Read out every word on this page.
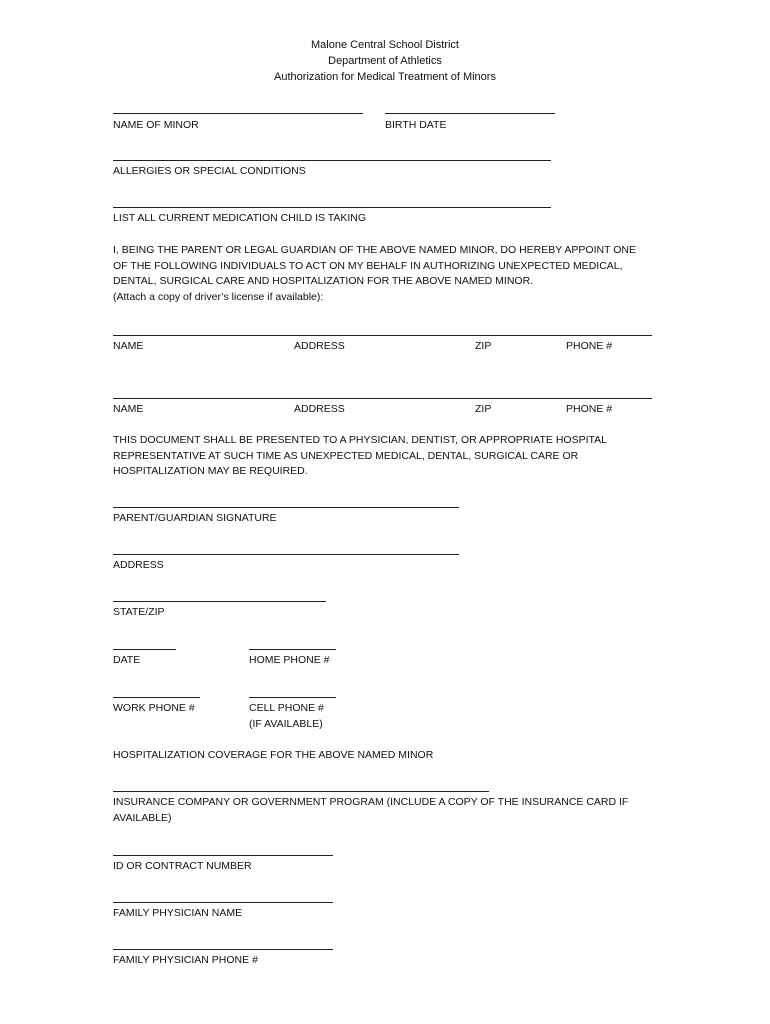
Malone Central School District
Department of Athletics
Authorization for Medical Treatment of Minors
NAME OF MINOR	BIRTH DATE
ALLERGIES OR SPECIAL CONDITIONS
LIST ALL CURRENT MEDICATION CHILD IS TAKING
I, BEING THE PARENT OR LEGAL GUARDIAN OF THE ABOVE NAMED MINOR, DO HEREBY APPOINT ONE
OF THE FOLLOWING INDIVIDUALS TO ACT ON MY BEHALF IN AUTHORIZING UNEXPECTED MEDICAL,
DENTAL, SURGICAL CARE AND HOSPITALIZATION FOR THE ABOVE NAMED MINOR.
(Attach a copy of driver’s license if available):
NAME	ADDRESS	ZIP	PHONE #
NAME	ADDRESS	ZIP	PHONE #
THIS DOCUMENT SHALL BE PRESENTED TO A PHYSICIAN, DENTIST, OR APPROPRIATE HOSPITAL
REPRESENTATIVE AT SUCH TIME AS UNEXPECTED MEDICAL, DENTAL, SURGICAL CARE OR
HOSPITALIZATION MAY BE REQUIRED.
PARENT/GUARDIAN SIGNATURE
ADDRESS
STATE/ZIP
DATE	HOME PHONE #
WORK PHONE #	CELL PHONE #
(IF AVAILABLE)
HOSPITALIZATION COVERAGE FOR THE ABOVE NAMED MINOR
INSURANCE COMPANY OR GOVERNMENT PROGRAM (INCLUDE A COPY OF THE INSURANCE CARD IF
AVAILABLE)
ID OR CONTRACT NUMBER
FAMILY PHYSICIAN NAME
FAMILY PHYSICIAN PHONE #
